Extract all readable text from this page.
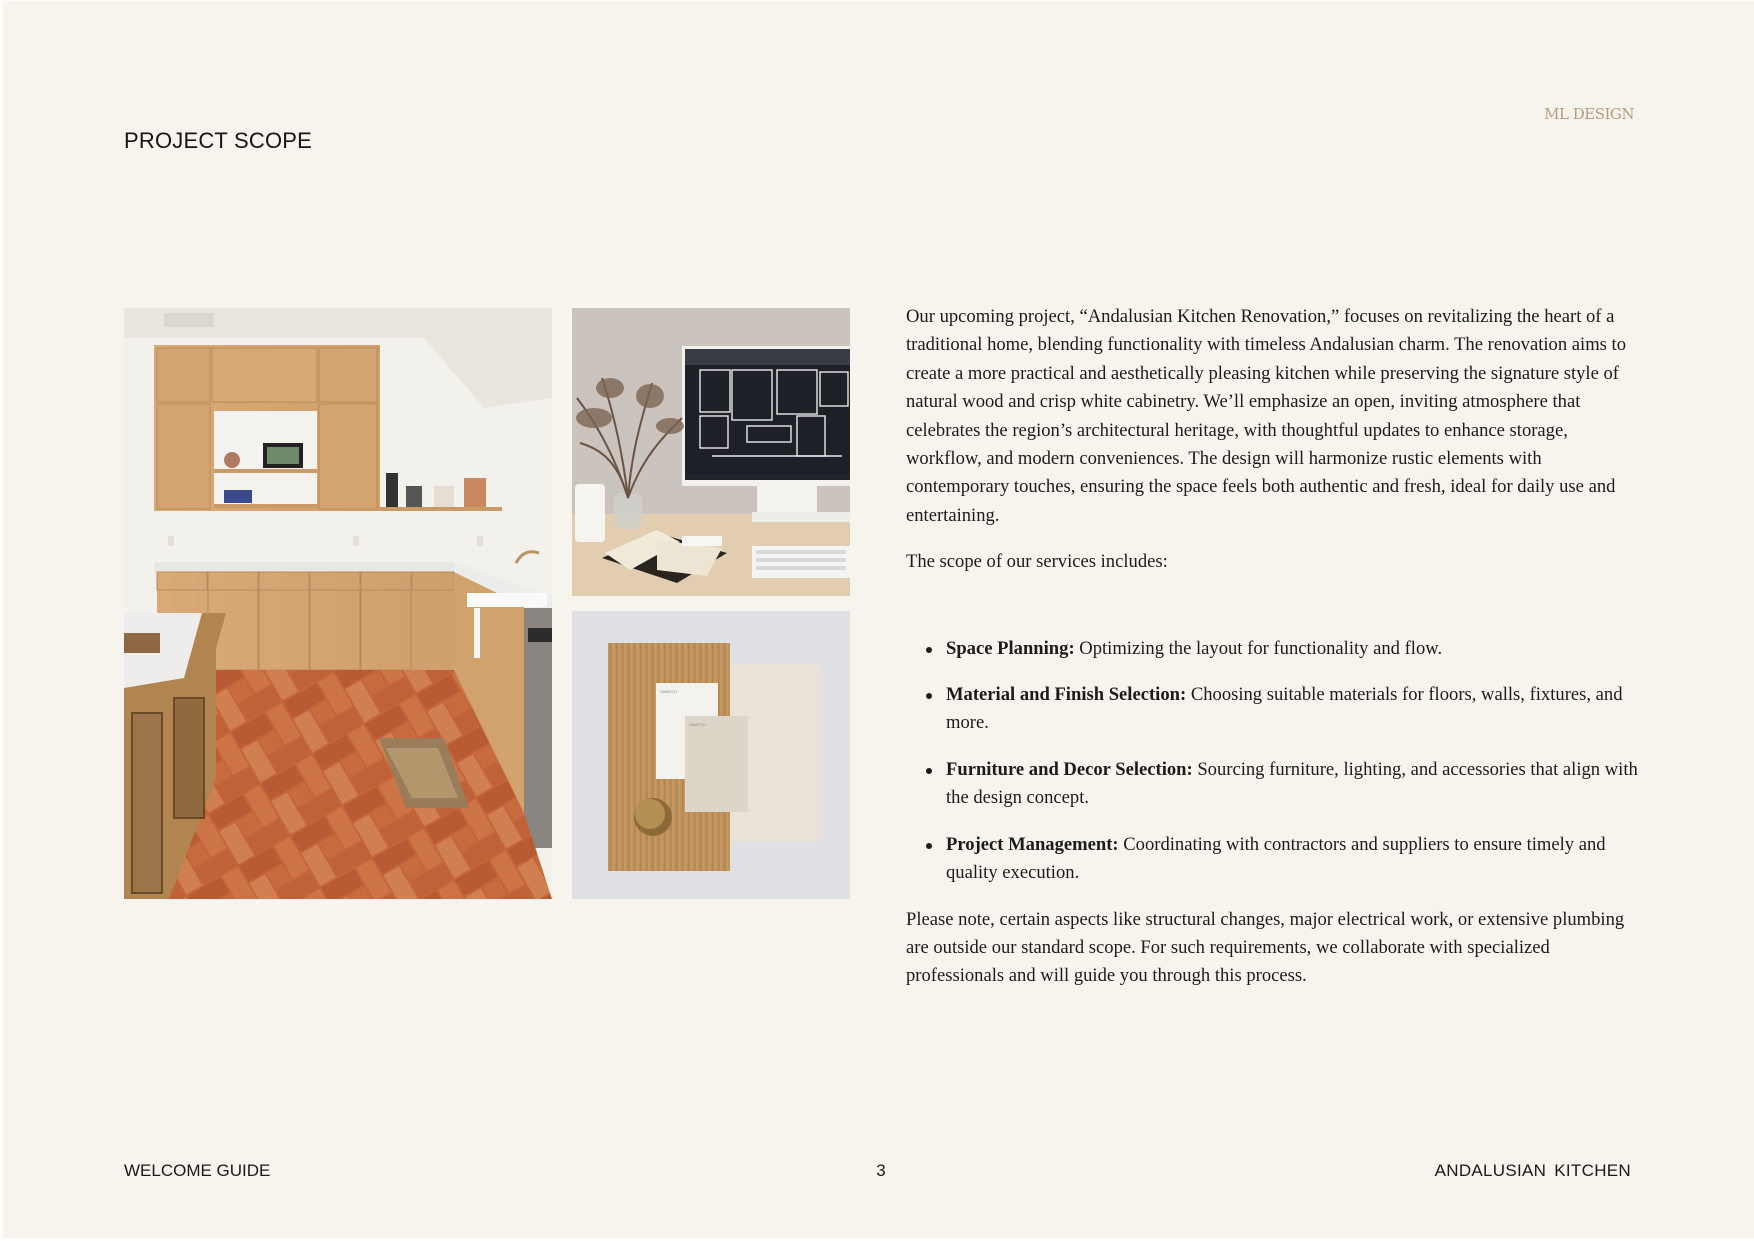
PROJECT SCOPE
ML DESIGN
SWATCH
SWATCH

Our upcoming project, “Andalusian Kitchen Renovation,” focuses on revitalizing the heart of a traditional home, blending functionality with timeless Andalusian charm. The renovation aims to create a more practical and aesthetically pleasing kitchen while preserving the signature style of natural wood and crisp white cabinetry. We’ll emphasize an open, inviting atmosphere that celebrates the region’s architectural heritage, with thoughtful updates to enhance storage, workflow, and modern conveniences. The design will harmonize rustic elements with contemporary touches, ensuring the space feels both authentic and fresh, ideal for daily use and entertaining.

The scope of our services includes:

Space Planning: Optimizing the layout for functionality and flow.
Material and Finish Selection: Choosing suitable materials for floors, walls, fixtures, and more.
Furniture and Decor Selection: Sourcing furniture, lighting, and accessories that align with the design concept.
Project Management: Coordinating with contractors and suppliers to ensure timely and quality execution.

Please note, certain aspects like structural changes, major electrical work, or extensive plumbing are outside our standard scope. For such requirements, we collaborate with specialized professionals and will guide you through this process.

WELCOME GUIDE	3	ANDALUSIAN KITCHEN
